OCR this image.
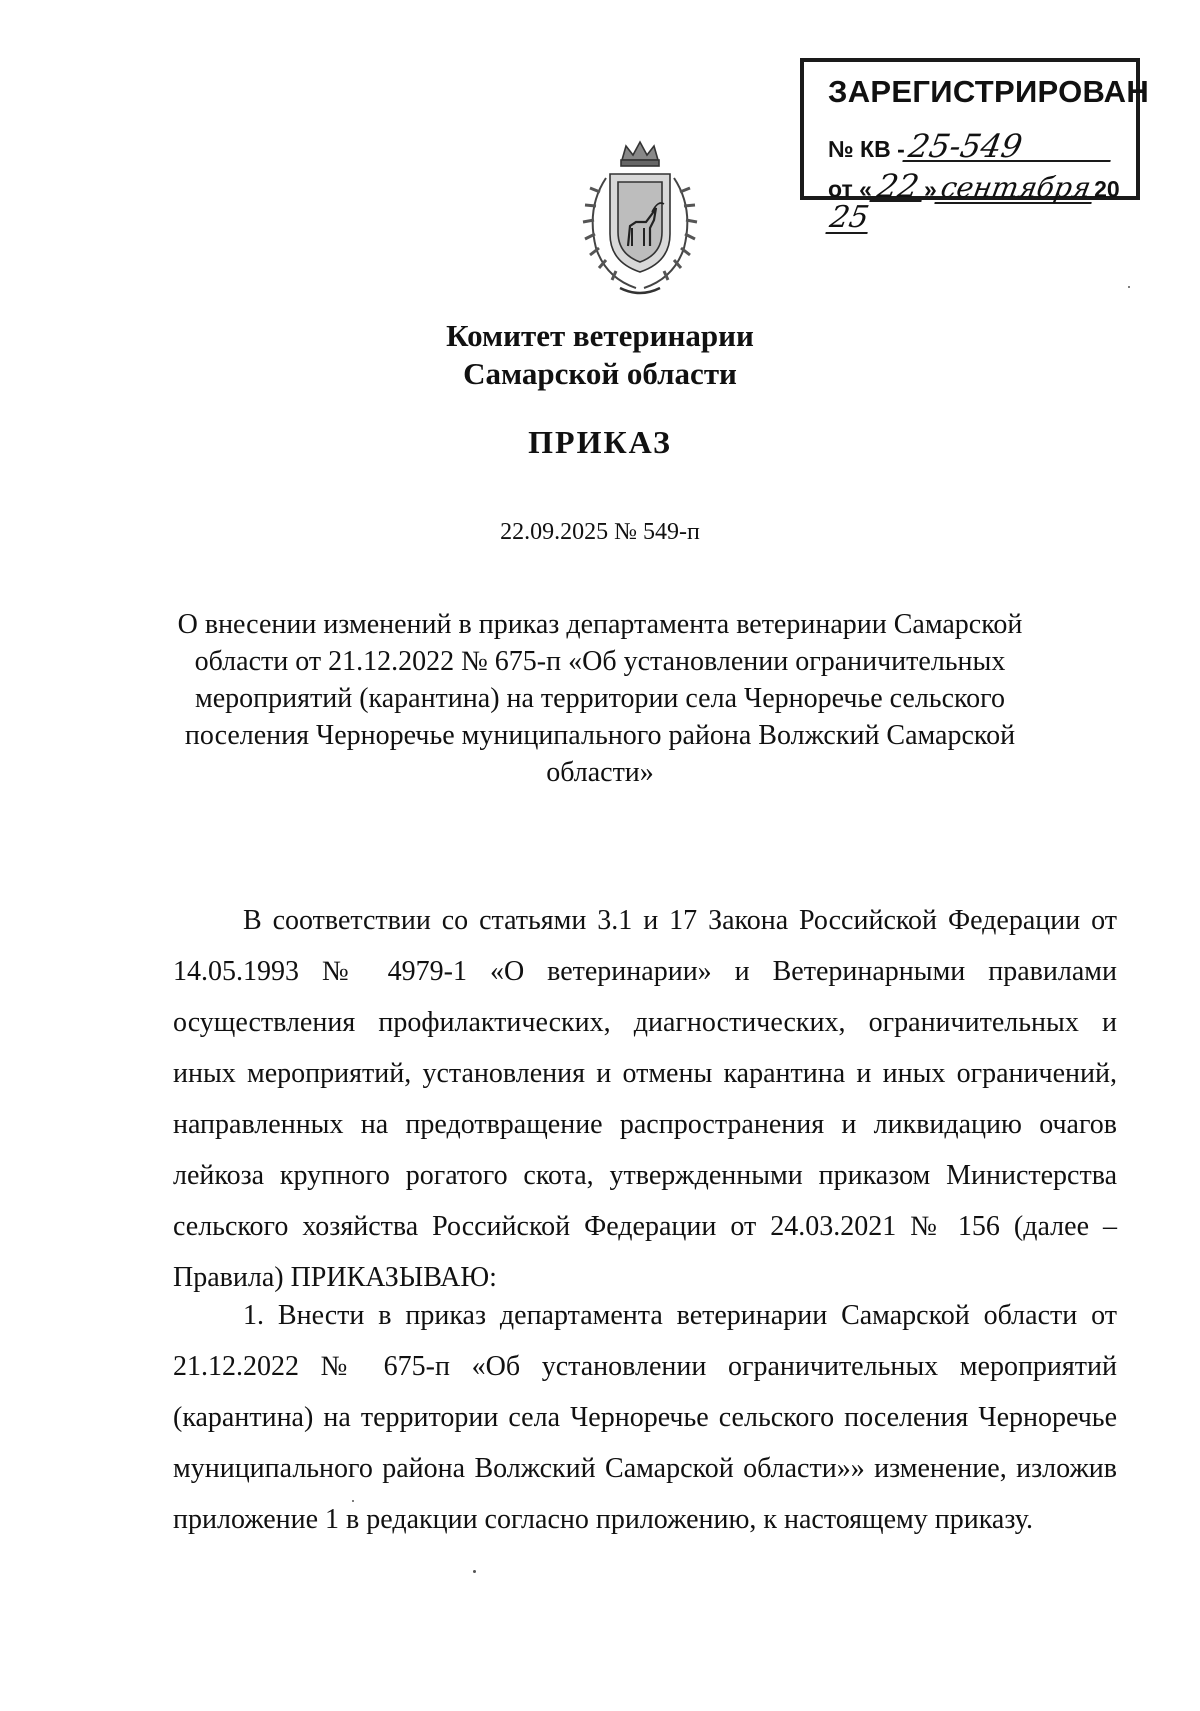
ЗАРЕГИСТРИРОВАН
№ КВ -25-549
от «22»сентября2025
Комитет ветеринарии
Самарской области
ПРИКАЗ
22.09.2025 № 549-п
О внесении изменений в приказ департамента ветеринарии Самарской области от 21.12.2022 № 675-п «Об установлении ограничительных мероприятий (карантина) на территории села Черноречье сельского поселения Черноречье муниципального района Волжский Самарской области»

В соответствии со статьями 3.1 и 17 Закона Российской Федерации от 14.05.1993 № 4979-1 «О ветеринарии» и Ветеринарными правилами осуществления профилактических, диагностических, ограничительных и иных мероприятий, установления и отмены карантина и иных ограничений, направленных на предотвращение распространения и ликвидацию очагов лейкоза крупного рогатого скота, утвержденными приказом Министерства сельского хозяйства Российской Федерации от 24.03.2021 № 156 (далее – Правила) ПРИКАЗЫВАЮ:

1. Внести в приказ департамента ветеринарии Самарской области от 21.12.2022 № 675-п «Об установлении ограничительных мероприятий (карантина) на территории села Черноречье сельского поселения Черноречье муниципального района Волжский Самарской области»» изменение, изложив приложение 1 в редакции согласно приложению, к настоящему приказу.
